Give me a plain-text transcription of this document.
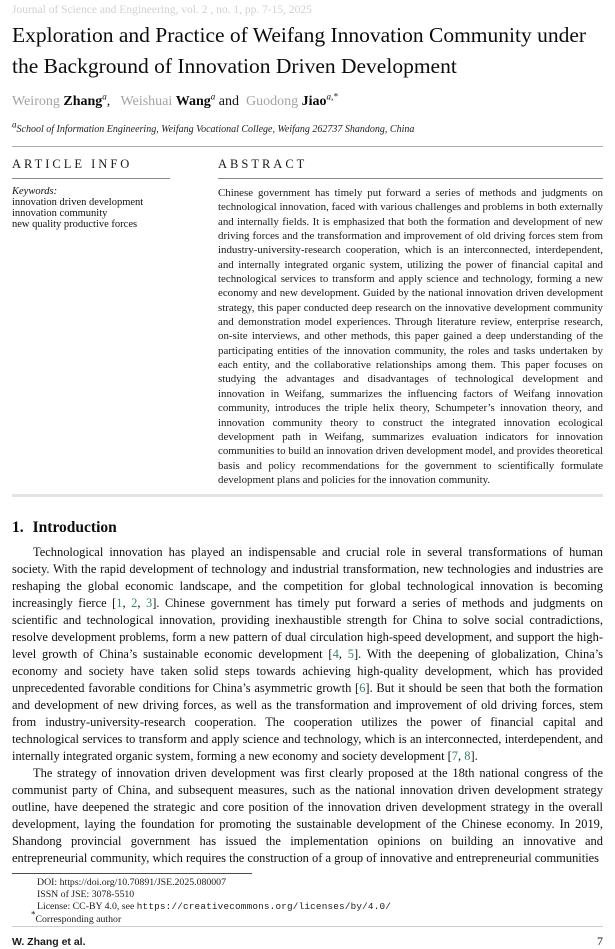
Journal of Science and Engineering, vol. 2 , no. 1, pp. 7-15, 2025
Exploration and Practice of Weifang Innovation Community under the Background of Innovation Driven Development
Weirong Zhang$^a$,  Weishuai Wang$^a$ and Guodong Jiao$^{a,*}$
$^a$School of Information Engineering, Weifang Vocational College, Weifang 262737 Shandong, China
ARTICLE INFO
Keywords:
innovation driven development
innovation community
new quality productive forces
ABSTRACT
Chinese government has timely put forward a series of methods and judgments on technological innovation, faced with various challenges and problems in both externally and internally fields. It is emphasized that both the formation and development of new driving forces and the transformation and improvement of old driving forces stem from industry-university-research cooperation, which is an interconnected, interdependent, and internally integrated organic system, utilizing the power of financial capital and technological services to transform and apply science and technology, forming a new economy and new development. Guided by the national innovation driven development strategy, this paper conducted deep research on the innovative development community and demonstration model experiences. Through literature review, enterprise research, on-site interviews, and other methods, this paper gained a deep understanding of the participating entities of the innovation community, the roles and tasks undertaken by each entity, and the collaborative relationships among them. This paper focuses on studying the advantages and disadvantages of technological development and innovation in Weifang, summarizes the influencing factors of Weifang innovation community, introduces the triple helix theory, Schumpeter’s innovation theory, and innovation community theory to construct the integrated innovation ecological development path in Weifang, summarizes evaluation indicators for innovation communities to build an innovation driven development model, and provides theoretical basis and policy recommendations for the government to scientifically formulate development plans and policies for the innovation community.
1. Introduction

Technological innovation has played an indispensable and crucial role in several transformations of human society. With the rapid development of technology and industrial transformation, new technologies and industries are reshaping the global economic landscape, and the competition for global technological innovation is becoming increasingly fierce [1, 2, 3]. Chinese government has timely put forward a series of methods and judgments on scientific and technological innovation, providing inexhaustible strength for China to solve social contradictions, resolve development problems, form a new pattern of dual circulation high-speed development, and support the high-level growth of China’s sustainable economic development [4, 5]. With the deepening of globalization, China’s economy and society have taken solid steps towards achieving high-quality development, which has provided unprecedented favorable conditions for China’s asymmetric growth [6]. But it should be seen that both the formation and development of new driving forces, as well as the transformation and improvement of old driving forces, stem from industry-university-research cooperation. The cooperation utilizes the power of financial capital and technological services to transform and apply science and technology, which is an interconnected, interdependent, and internally integrated organic system, forming a new economy and society development [7, 8].

The strategy of innovation driven development was first clearly proposed at the 18th national congress of the communist party of China, and subsequent measures, such as the national innovation driven development strategy outline, have deepened the strategic and core position of the innovation driven development strategy in the overall development, laying the foundation for promoting the sustainable development of the Chinese economy. In 2019, Shandong provincial government has issued the implementation opinions on building an innovative and entrepreneurial community, which requires the construction of a group of innovative and entrepreneurial communities

DOI: https://doi.org/10.70891/JSE.2025.080007
ISSN of JSE: 3078-5510
License: CC-BY 4.0, see https://creativecommons.org/licenses/by/4.0/
*Corresponding author
W. Zhang et al.	7
